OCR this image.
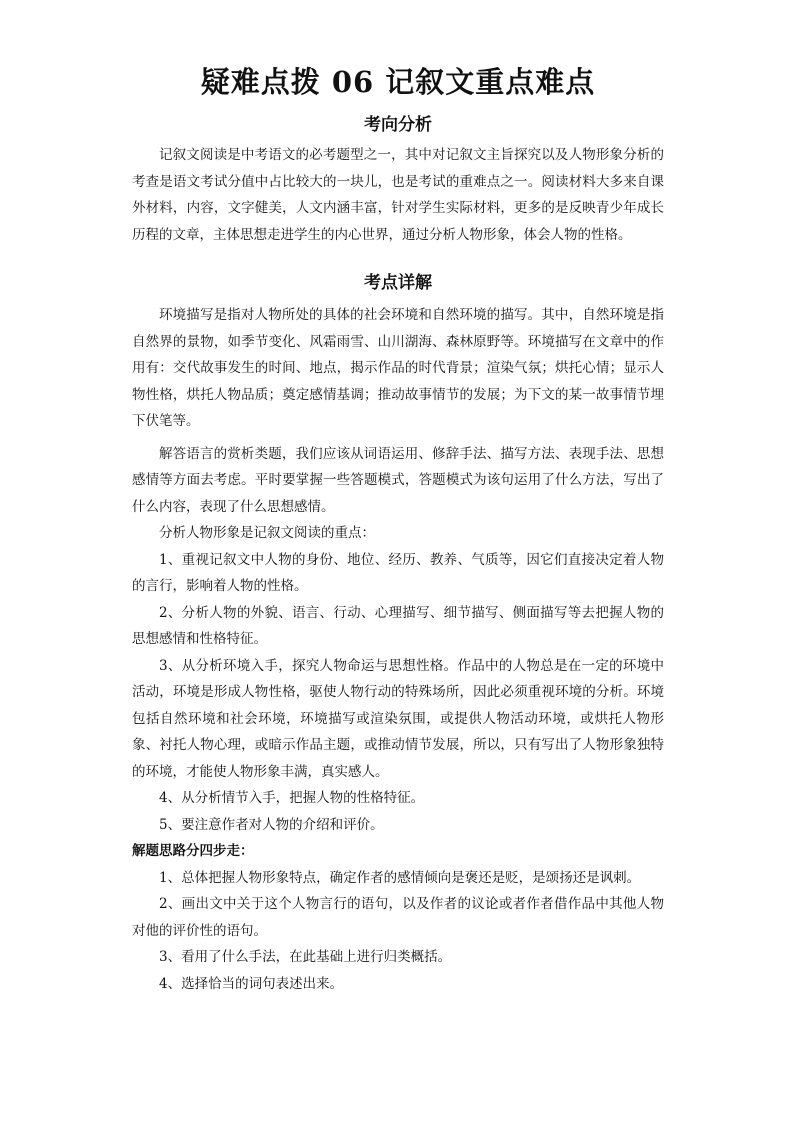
疑难点拨 06 记叙文重点难点
考向分析

记叙文阅读是中考语文的必考题型之一，其中对记叙文主旨探究以及人物形象分析的考查是语文考试分值中占比较大的一块儿，也是考试的重难点之一。阅读材料大多来自课外材料，内容，文字健美，人文内涵丰富，针对学生实际材料，更多的是反映青少年成长历程的文章，主体思想走进学生的内心世界，通过分析人物形象，体会人物的性格。

考点详解

环境描写是指对人物所处的具体的社会环境和自然环境的描写。其中，自然环境是指自然界的景物，如季节变化、风霜雨雪、山川湖海、森林原野等。环境描写在文章中的作用有：交代故事发生的时间、地点，揭示作品的时代背景；渲染气氛；烘托心情；显示人物性格，烘托人物品质；奠定感情基调；推动故事情节的发展；为下文的某一故事情节埋下伏笔等。

解答语言的赏析类题，我们应该从词语运用、修辞手法、描写方法、表现手法、思想感情等方面去考虑。平时要掌握一些答题模式，答题模式为该句运用了什么方法，写出了什么内容，表现了什么思想感情。

分析人物形象是记叙文阅读的重点：

1、重视记叙文中人物的身份、地位、经历、教养、气质等，因它们直接决定着人物的言行，影响着人物的性格。

2、分析人物的外貌、语言、行动、心理描写、细节描写、侧面描写等去把握人物的思想感情和性格特征。

3、从分析环境入手，探究人物命运与思想性格。作品中的人物总是在一定的环境中活动，环境是形成人物性格，驱使人物行动的特殊场所，因此必须重视环境的分析。环境包括自然环境和社会环境，环境描写或渲染氛围，或提供人物活动环境，或烘托人物形象、衬托人物心理，或暗示作品主题，或推动情节发展，所以，只有写出了人物形象独特的环境，才能使人物形象丰满，真实感人。

4、从分析情节入手，把握人物的性格特征。

5、要注意作者对人物的介绍和评价。

解题思路分四步走：

1、总体把握人物形象特点，确定作者的感情倾向是褒还是贬，是颂扬还是讽刺。

2、画出文中关于这个人物言行的语句，以及作者的议论或者作者借作品中其他人物对他的评价性的语句。

3、看用了什么手法，在此基础上进行归类概括。

4、选择恰当的词句表述出来。
